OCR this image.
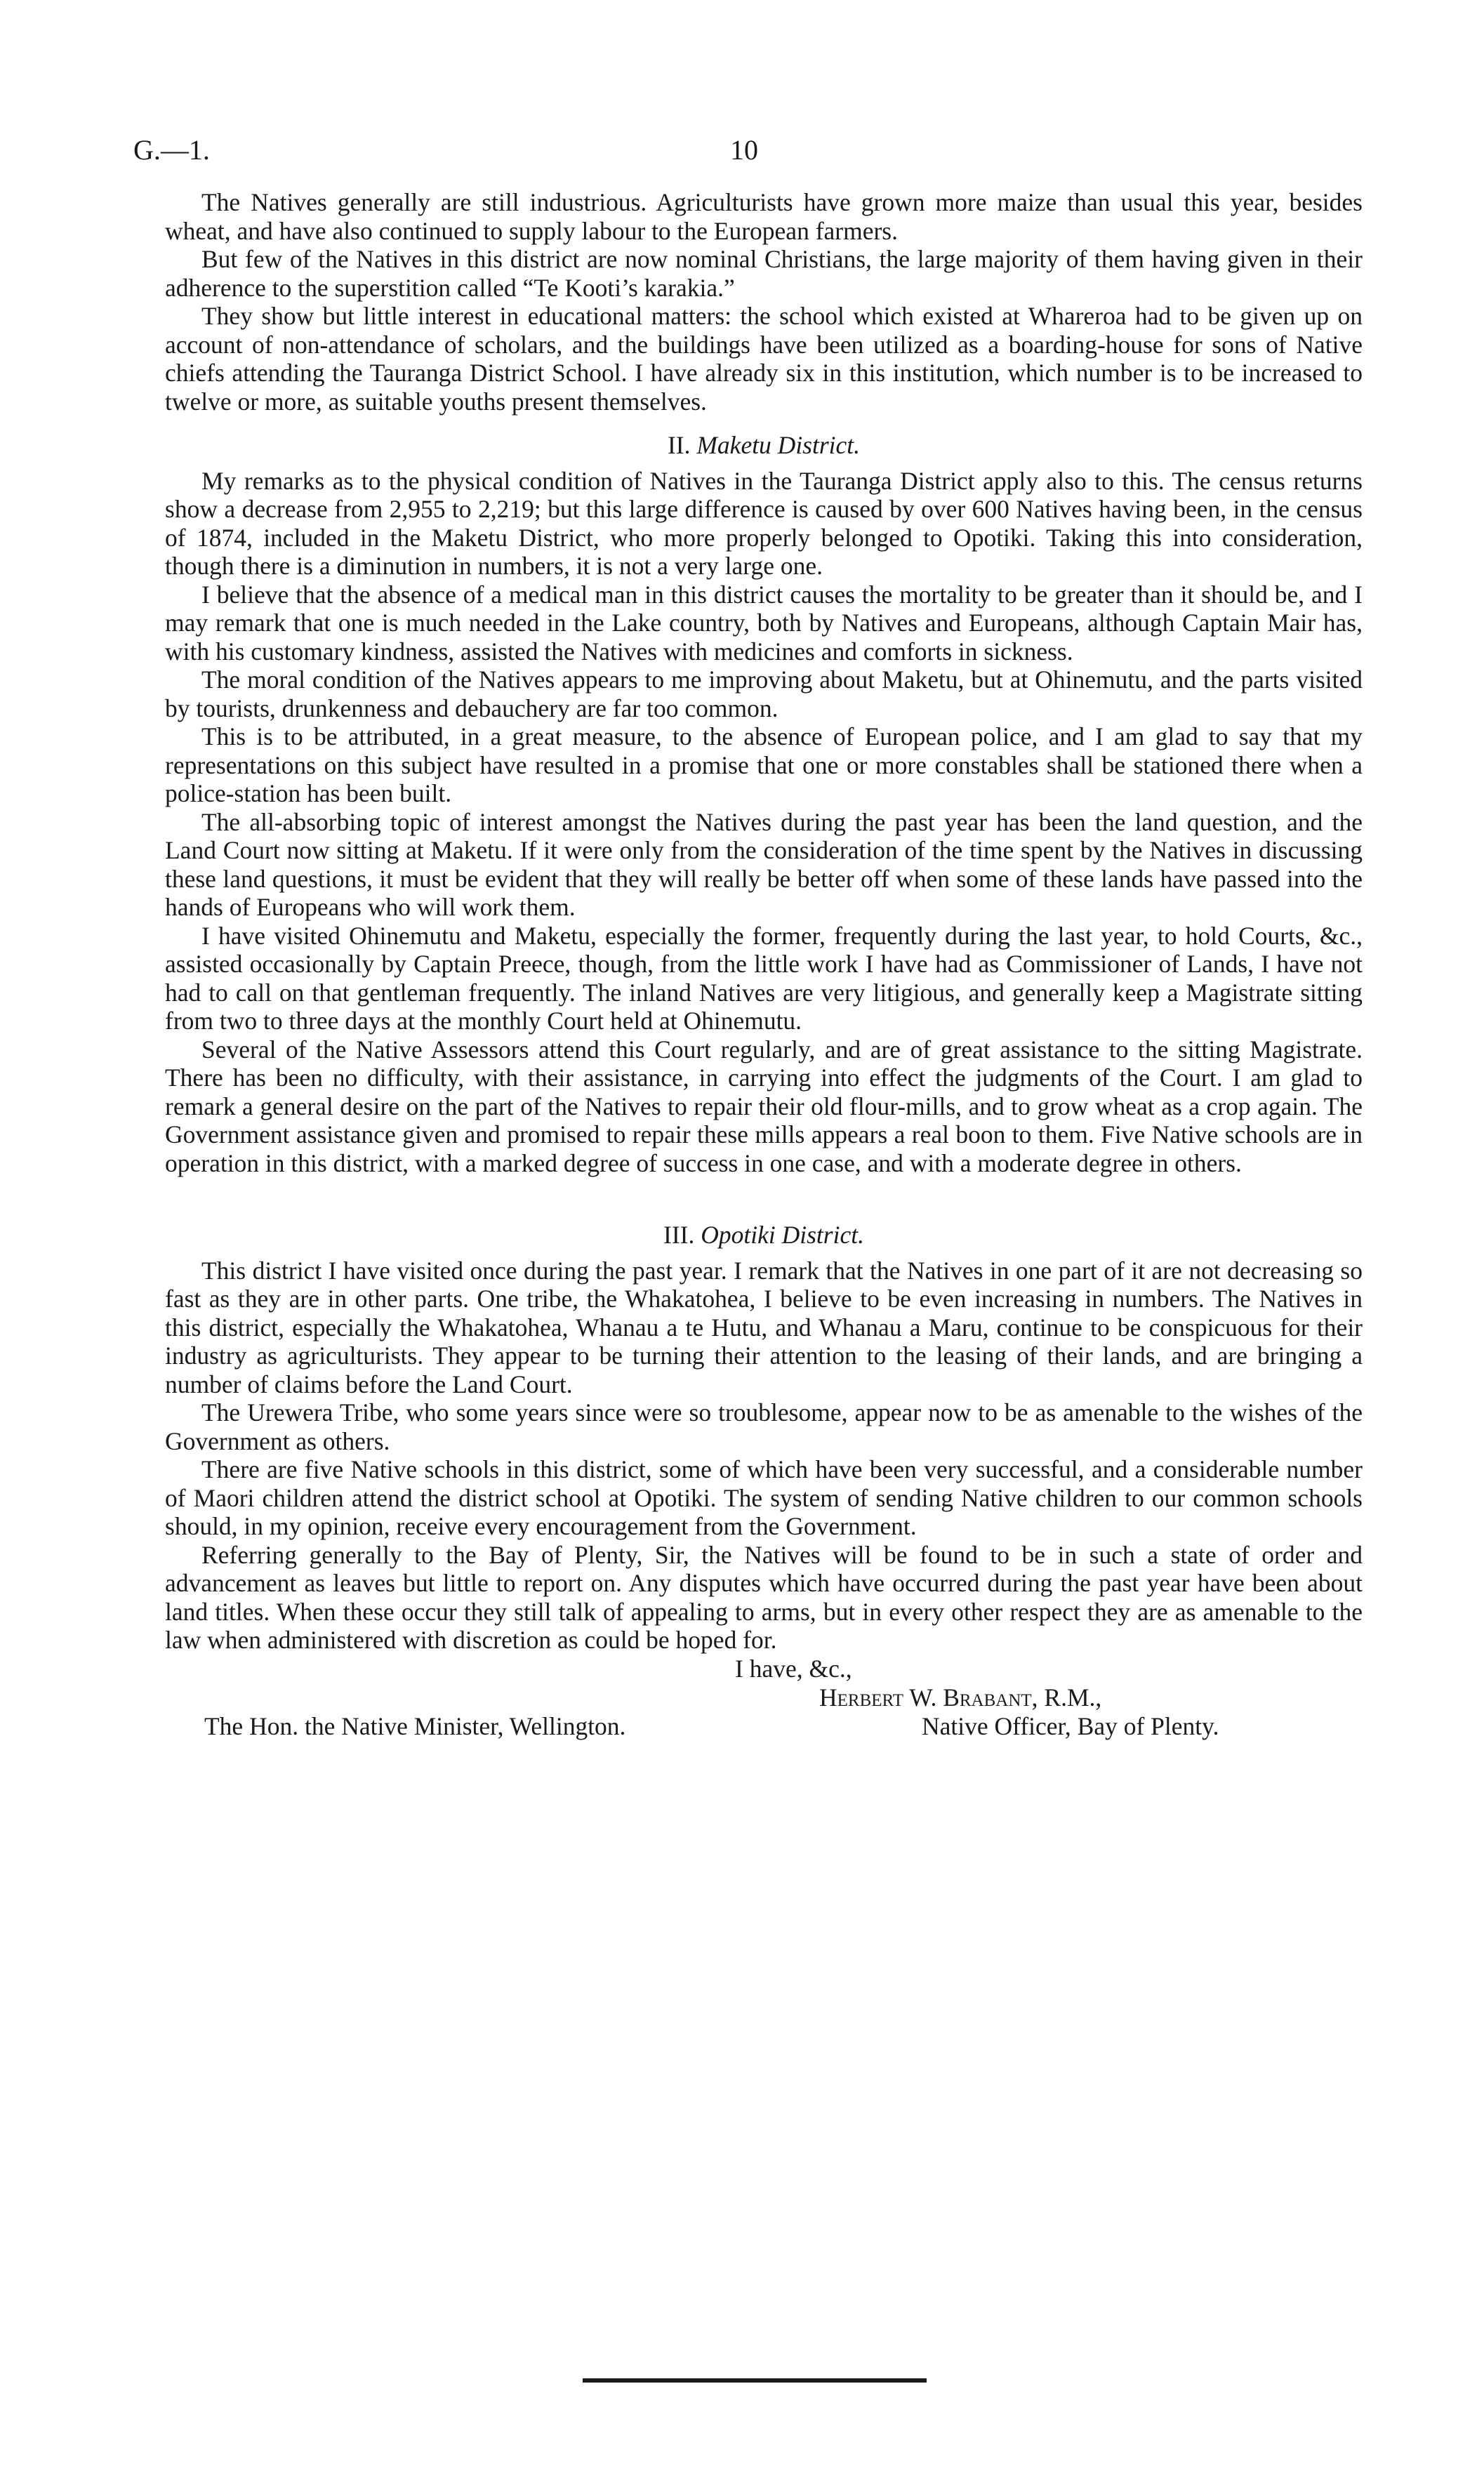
G.—1.	10

The Natives generally are still industrious. Agriculturists have grown more maize than usual this year, besides wheat, and have also continued to supply labour to the European farmers.

But few of the Natives in this district are now nominal Christians, the large majority of them having given in their adherence to the superstition called “Te Kooti’s karakia.”

They show but little interest in educational matters: the school which existed at Whareroa had to be given up on account of non-attendance of scholars, and the buildings have been utilized as a boarding-house for sons of Native chiefs attending the Tauranga District School. I have already six in this institution, which number is to be increased to twelve or more, as suitable youths present themselves.

II. Maketu District.

My remarks as to the physical condition of Natives in the Tauranga District apply also to this. The census returns show a decrease from 2,955 to 2,219; but this large difference is caused by over 600 Natives having been, in the census of 1874, included in the Maketu District, who more properly belonged to Opotiki. Taking this into consideration, though there is a diminution in numbers, it is not a very large one.

I believe that the absence of a medical man in this district causes the mortality to be greater than it should be, and I may remark that one is much needed in the Lake country, both by Natives and Europeans, although Captain Mair has, with his customary kindness, assisted the Natives with medicines and comforts in sickness.

The moral condition of the Natives appears to me improving about Maketu, but at Ohinemutu, and the parts visited by tourists, drunkenness and debauchery are far too common.

This is to be attributed, in a great measure, to the absence of European police, and I am glad to say that my representations on this subject have resulted in a promise that one or more constables shall be stationed there when a police-station has been built.

The all-absorbing topic of interest amongst the Natives during the past year has been the land question, and the Land Court now sitting at Maketu. If it were only from the consideration of the time spent by the Natives in discussing these land questions, it must be evident that they will really be better off when some of these lands have passed into the hands of Europeans who will work them.

I have visited Ohinemutu and Maketu, especially the former, frequently during the last year, to hold Courts, &c., assisted occasionally by Captain Preece, though, from the little work I have had as Commissioner of Lands, I have not had to call on that gentleman frequently. The inland Natives are very litigious, and generally keep a Magistrate sitting from two to three days at the monthly Court held at Ohinemutu.

Several of the Native Assessors attend this Court regularly, and are of great assistance to the sitting Magistrate. There has been no difficulty, with their assistance, in carrying into effect the judgments of the Court. I am glad to remark a general desire on the part of the Natives to repair their old flour-mills, and to grow wheat as a crop again. The Government assistance given and promised to repair these mills appears a real boon to them. Five Native schools are in operation in this district, with a marked degree of success in one case, and with a moderate degree in others.

III. Opotiki District.

This district I have visited once during the past year. I remark that the Natives in one part of it are not decreasing so fast as they are in other parts. One tribe, the Whakatohea, I believe to be even increasing in numbers. The Natives in this district, especially the Whakatohea, Whanau a te Hutu, and Whanau a Maru, continue to be conspicuous for their industry as agriculturists. They appear to be turning their attention to the leasing of their lands, and are bringing a number of claims before the Land Court.

The Urewera Tribe, who some years since were so troublesome, appear now to be as amenable to the wishes of the Government as others.

There are five Native schools in this district, some of which have been very successful, and a considerable number of Maori children attend the district school at Opotiki. The system of sending Native children to our common schools should, in my opinion, receive every encouragement from the Government.

Referring generally to the Bay of Plenty, Sir, the Natives will be found to be in such a state of order and advancement as leaves but little to report on. Any disputes which have occurred during the past year have been about land titles. When these occur they still talk of appealing to arms, but in every other respect they are as amenable to the law when administered with discretion as could be hoped for.

I have, &c.,
Herbert W. Brabant, R.M.,
The Hon. the Native Minister, Wellington.	Native Officer, Bay of Plenty.
